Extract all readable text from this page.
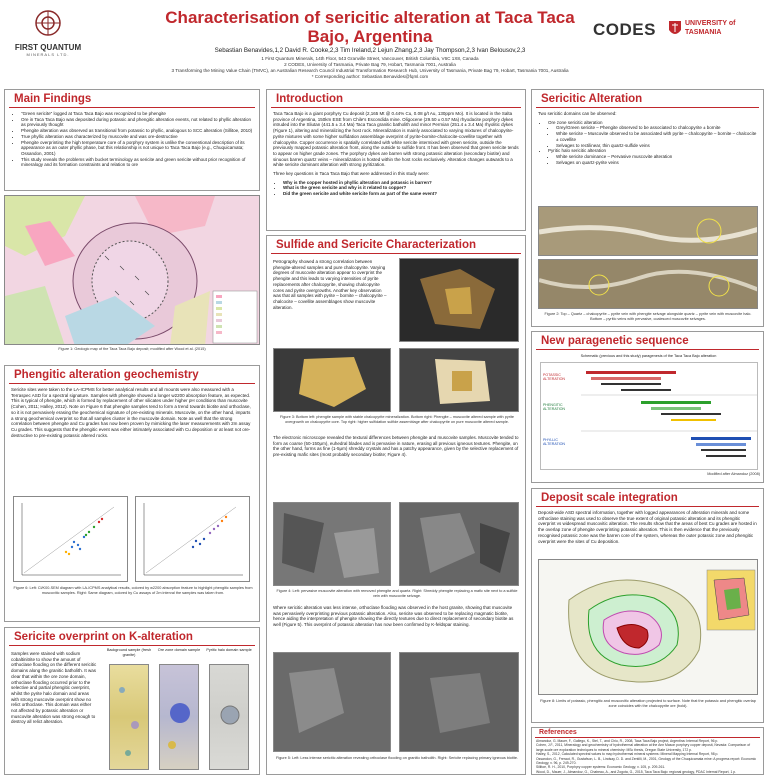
FIRST QUANTUM
MINERALS LTD.
Characterisation of sericitic alteration at Taca Taca
Bajo, Argentina
Sebastian Benavides,1,2 David R. Cooke,2,3 Tim Ireland,2 Lejun Zhang,2,3 Jay Thompson,2,3 Ivan Belousov,2,3
1 First Quantum Minerals, 14th Floor, 543 Granville Street, Vancouver, British Columbia, V6C 1X8, Canada
2 CODES, University of Tasmania, Private Bag 79, Hobart, Tasmania 7001, Australia
3 Transforming the Mining Value Chain (TMVC), an Australian Research Council Industrial Transformation Research Hub, University of Tasmania, Private Bag 79, Hobart, Tasmania 7001, Australia
* Corresponding author: Sebastian.Benavides@fqml.com
CODES	UNIVERSITY of
TASMANIA
Main Findings
• "Green sericite" logged at Taca Taca Bajo was recognized to be phengite
• Ore in Taca Taca Bajo was deposited during potassic and phengitic alteration events, not related to phyllic alteration as previously thought
• Phengite alteration was observed as transitional from potassic to phyllic, analogous to SCC alteration (Sillitoe, 2010)
• True phyllic alteration was characterized by muscovite and was ore-destructive
• Phengite overprinting the high temperature core of a porphyry system is unlike the conventional description of its appearance as an outer phyllic phase, but this relationship is not unique to Taca Taca Bajo (e.g., Chuquicamata; Ossandon, 2001)
• This study reveals the problems with bucket terminology as sericite and green sericite without prior recognition of mineralogy and its formation constraints and relation to ore
Figure 1: Geologic map of the Taca Taca Bajo deposit; modified after Wood et al. (2015)
Phengitic alteration geochemistry
Sericite sites were taken to the LA-ICPMS for better analytical results and all mounts were also measured with a Terraspec ASD for a spectral signature. Samples with phengite showed a longer w2200 absorption feature, as expected. This is typical of phengite, which is formed by replacement of other silicates under higher pH conditions than muscovite (Cohen, 2011; Halley, 2012). Note on Figure 6 that phengite samples tend to form a trend towards biotite and orthoclase, so it is not pervasively erasing the geochemical signature of pre-existing minerals. Muscovite, on the other hand, imparts a strong geochemical overprint so that all samples cluster in the muscovite domain. Note as well that the strong correlation between phengite and Cu grades has now been proven by mimicking the laser measurements with 2m assay Cu grades. This suggests that the phengitic event was either intimately associated with Cu deposition or at least not ore-destructive to pre-existing potassic altered rocks.
Figure 6: Left: Cl/K00-SEM diagram with LA-ICPMS analytical results, colored by w2200 absorption feature to highlight phengitic samples from muscovitic samples. Right: Same diagram, colored by Cu assays of 2m interval the samples was taken from.
Sericite overprint on K-alteration
Samples were stained with sodium cobaltinitrite to show the amount of orthoclase flooding on the different sericitic domains along the granitic batholith. It was clear that within the ore zone domain, orthoclase flooding occurred prior to the selective and partial phengitic overprint, whilst the pyrite halo domain and areas with strong muscovite overprint show no relict orthoclase. This domain was either not affected by potassic alteration or muscovite alteration was strong enough to destroy all relict alteration.
Background sample (fresh granite)
Ore zone domain sample	Pyritic halo domain sample
Introduction

Taca Taca Bajo is a giant porphyry Cu deposit (2,165 Mt @ 0.44% Cu, 0.08 g/t Au, 130ppm Mo). It is located in the Salta province of Argentina, 150km ESE from Chile's Escondida mine. Oligocene (29.50 ± 0.57 Ma) rhyodacite porphyry dykes intruded into the Sliutan (441.5 ± 3.4 Ma) Taca Taca granitic batholith and minor Permian (251.4 ± 3.4 Ma) rhyolitic dykes (Figure 1), altering and mineralizing the host rock. Mineralization is mainly associated to varying mixtures of chalcopyrite-pyrite mixtures with some higher sulfidation assemblage overprint of pyrite-bornite-chalcocite-covellite together with chalcopyrite. Copper occurrence is spatially correlated with white sericite intermixed with green sericite, outside the previously mapped potassic alteration front, along the outside to sulfide front. It has been observed that green sericite tends to appear on higher grade zones. The porphyry dykes are barren with strong potassic alteration (secondary biotite) and sinuous barren quartz veins – mineralization is hosted within the host rocks exclusively. Alteration changes outwards to a white sericite dominant alteration with strong pyritization.

Three key questions in Taca Taca Bajo that were addressed in this study were:

• Why is the copper hosted in phyllic alteration and potassic is barren?
• What is the green sericite and why is it related to copper?
• Did the green sericite and white sericite form as part of the same event?
Sulfide and Sericite Characterization
Petrography showed a strong correlation between phengite-altered samples and pure chalcopyrite. Varying degrees of muscovite alteration appear to overprint the phengite and this leads to varying intensities of pyrite replacements after chalcopyrite, showing chalcopyrite cores and pyrite overgrowths. Another key observation was that all samples with pyrite – bornite – chalcopyrite – chalcocite – covellite assemblages show muscovite alteration.
Figure 3: Bottom left: phengite sample with stable chalcopyrite mineralization. Bottom right: Phengite – muscovite altered sample with pyrite overgrowth on chalcopyrite core. Top right: higher sulfidation sulfide assemblage after chalcopyrite on pure muscovite altered sample.
The electronic microscope revealed the textural differences between phengite and muscovite samples. Muscovite tended to form as coarse (50-150μm), euhedral blades and is pervasive in nature, erasing all previous igneous textures. Phengite, on the other hand, forms as fine (1-5μm) shreddy crystals and has a patchy appearance, given by the selective replacement of pre-existing mafic sites (most probably secondary biotite; Figure 4).
Figure 4: Left: pervasive muscovite alteration with removed phengite and quartz. Right: Shreddy phengite replacing a mafic site next to a sulfide vein with muscovite selvage.
Where sericitic alteration was less intense, orthoclase flooding was observed in the host granite, showing that muscovite was pervasively overprinting previous potassic alteration. Also, sericite was observed to be replacing magmatic biotite, hence aiding the interpretation of phengite showing the directly textures due to direct replacement of secondary biotite as well (Figure 5). This overprint of potassic alteration has now been confirmed by K-feldspar staining.
Figure 5: Left: Less intense sericitic alteration revealing orthoclase flooding on granitic batholith. Right: Sericite replacing primary igneous biotite.
Sericitic Alteration

Two sericitic domains can be observed:

• Ore zone sericitic alteration
• Grey/Green sericite – Phengite observed to be associated to chalcopyrite ± bornite
• White sericite – Muscovite observed to be associated with pyrite – chalcopyrite – bornite – chalcocite ± covellite
• Selvages to rectilinear, thin quartz-sulfide veins
• Pyritic halo sericitic alteration
• White sericite dominance – Pervasive muscovite alteration
• Selvages on quartz-pyrite veins
Figure 2: Top – Quartz – chalcopyrite – pyrite vein with phengite selvage alongside quartz – pyrite vein with muscovite halo. Bottom – pyritic veins with pervasive, coalesced muscovite selvages.
New paragenetic sequence
Schematic (previous and this study) paragenesis of the Taca Taca Bajo alteration
POTASSIC ALTERATION
PHENGITIC ALTERATION
PHYLLIC ALTERATION
Modified after Almandoz (2008)
Deposit scale integration
Deposit-wide ASD spectral information, together with logged appearances of alteration minerals and some orthoclase staining was used to observe the true extent of original potassic alteration and its phengitic overprint vs widespread muscovitic alteration. The results show that the areas of best Cu grades are hosted in the overlap zone of phengite overprinting potassic alteration. This is then evidence that the previously recognised potassic zone was the barren core of the system, whereas the outer potassic zone and phengitic overprint were the sites of Cu deposition.
Figure 8: Limits of potassic, phengitic and muscovitic alteration projected to surface. Note that the potassic and phengitic overlap zone coincides with the chalcopyrite ore (bold).
References
Almandoz, G. Mauer, F., Gallego, K., Stel, T., and Chiu, R., 2008, Taca Taca Bajo project, Argentina: Internal Report, 96 p.
Cohen, J.F., 2011, Mineralogy and geochemistry of hydrothermal alteration at the Ann Mason porphyry copper deposit, Nevada: Comparison of large-scale ore exploration techniques to mineral chemistry: MSc thesis, Oregon State University, 172 p.
Halley, S., 2012, Calculated spectral values to map hydrothermal mineral systems: Mineral Mapping Internal Report, 98 p.
Ossandon, G., Freraut, R., Gustafson, L. B., Lindsay, D. D. and Zentilli, M., 2001, Geology of the Chuquicamata mine: A progress report: Economic Geology, v. 96, p. 249-270.
Sillitoe, R. H., 2010, Porphyry copper systems: Economic Geology, v. 105, p. 209-261.
Wood, D., Mauer, J., Almandoz, G., Chabeau, A., and Zogota, G., 2015, Taca Taca Bajo: regional geology, PDAC Internal Report, 1 p.
